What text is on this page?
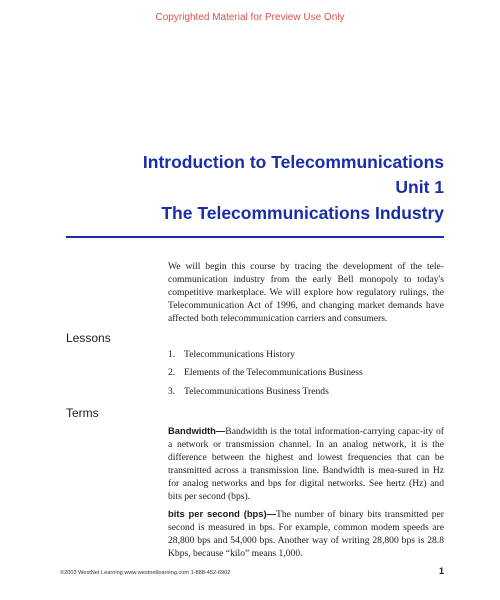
Copyrighted Material for Preview Use Only
Introduction to Telecommunications
Unit 1
The Telecommunications Industry
We will begin this course by tracing the development of the tele-communication industry from the early Bell monopoly to today's competitive marketplace. We will explore how regulatory rulings, the Telecommunication Act of 1996, and changing market demands have affected both telecommunication carriers and consumers.
Lessons
1. Telecommunications History
2. Elements of the Telecommunications Business
3. Telecommunications Business Trends
Terms

Bandwidth—Bandwidth is the total information-carrying capac-ity of a network or transmission channel. In an analog network, it is the difference between the highest and lowest frequencies that can be transmitted across a transmission line. Bandwidth is mea-sured in Hz for analog networks and bps for digital networks. See hertz (Hz) and bits per second (bps).

bits per second (bps)—The number of binary bits transmitted per second is measured in bps. For example, common modem speeds are 28,800 bps and 54,000 bps. Another way of writing 28,800 bps is 28.8 Kbps, because “kilo” means 1,000.

©2003 WestNet Learning www.westnetlearning.com 1-888-452-6902	1
